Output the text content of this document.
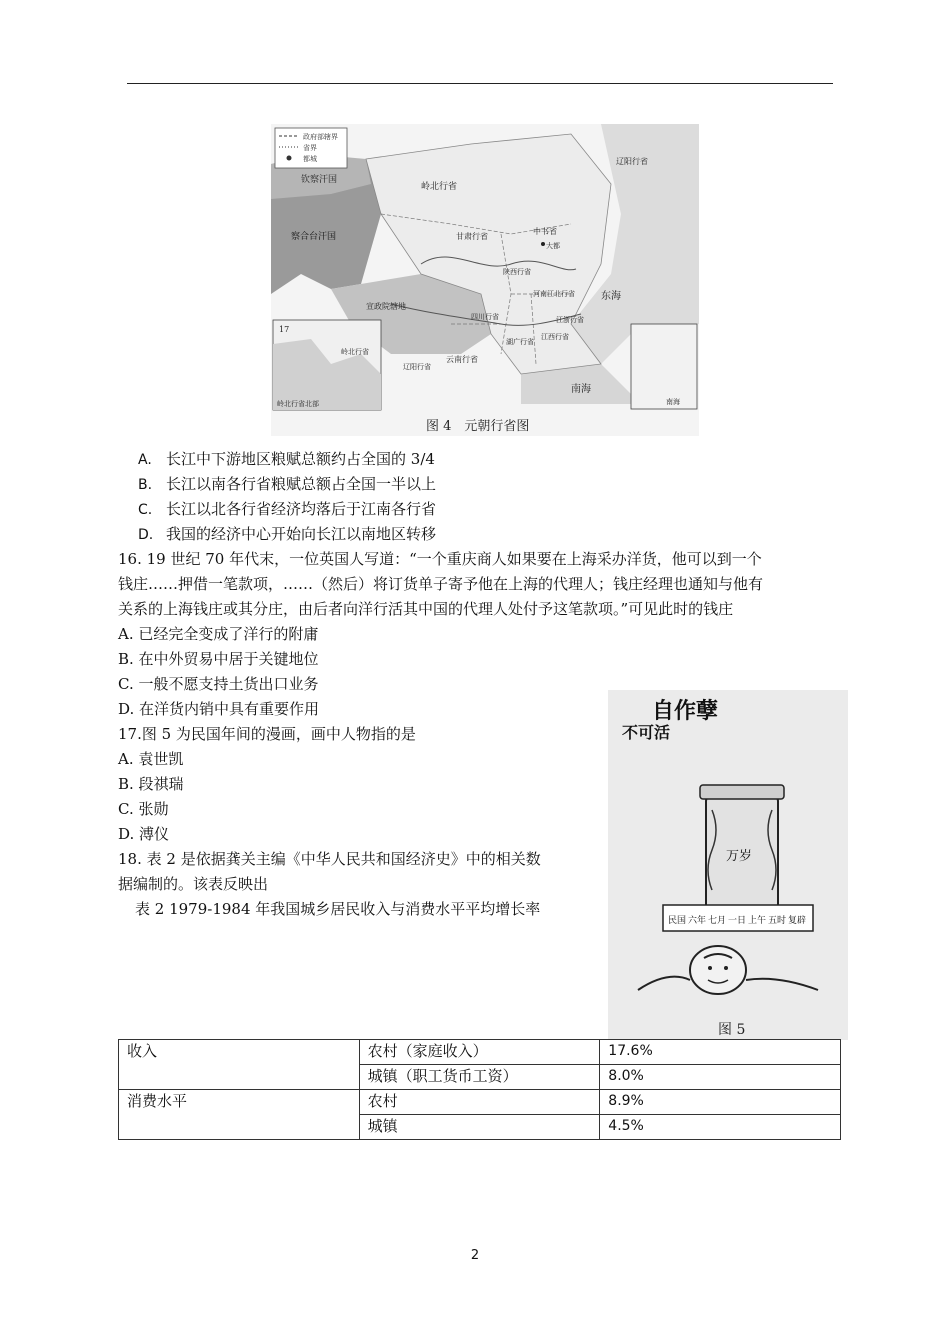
政府部辖界
省界
都城
钦察汗国
察合台汗国
岭北行省
辽阳行省
甘肃行省
中书省
大都
陕西行省
河南江北行省
江浙行省
江西行省
湖广行省
四川行省
云南行省
宣政院辖地
东海
南海
17
岭北行省
辽阳行省
岭北行省北部	南海
图 4　元朝行省图
A. 长江中下游地区粮赋总额约占全国的 3/4
B. 长江以南各行省粮赋总额占全国一半以上
C. 长江以北各行省经济均落后于江南各行省
D. 我国的经济中心开始向长江以南地区转移
16. 19 世纪 70 年代末，一位英国人写道：“一个重庆商人如果要在上海采办洋货，他可以到一个
钱庄……押借一笔款项，……（然后）将订货单子寄予他在上海的代理人；钱庄经理也通知与他有
关系的上海钱庄或其分庄，由后者向洋行活其中国的代理人处付予这笔款项。”可见此时的钱庄
A. 已经完全变成了洋行的附庸
B. 在中外贸易中居于关键地位
C. 一般不愿支持土货出口业务
D. 在洋货内销中具有重要作用
17.图 5 为民国年间的漫画，画中人物指的是
A. 袁世凯
B. 段祺瑞
C. 张勋
D. 溥仪
18. 表 2 是依据龚关主编《中华人民共和国经济史》中的相关数
据编制的。该表反映出
表 2 1979-1984 年我国城乡居民收入与消费水平平均增长率
自作孽
不可活
万岁
民国 六年 七月 一日 上午 五时 复辟
图 5
收入	农村（家庭收入）	17.6%
	城镇（职工货币工资）	8.0%
消费水平	农村	8.9%
	城镇	4.5%
2
